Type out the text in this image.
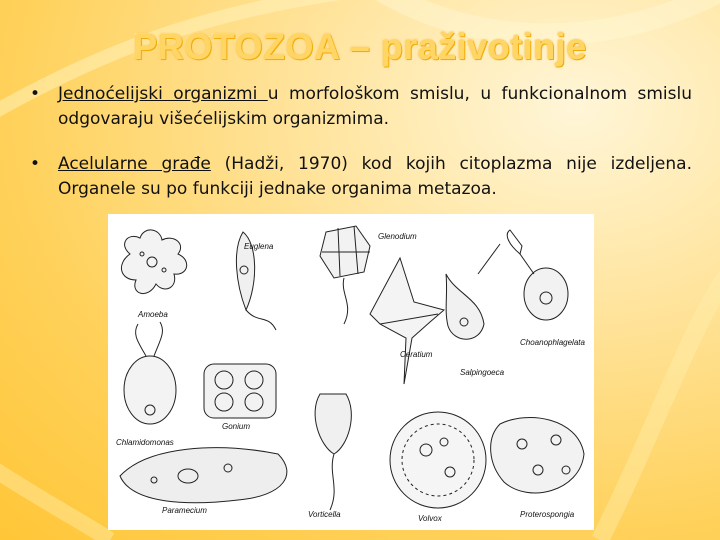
PROTOZOA – praživotinje
• Jednoćelijski organizmi u morfološkom smislu, u funkcionalnom smislu odgovaraju višećelijskim organizmima.
• Acelularne građe (Hadži, 1970) kod kojih citoplazma nije izdeljena. Organele su po funkciji jednake organima metazoa.
Amoeba
Euglena
Glenodium
Choanophlagelata
Ceratium
Salpingoeca
Chlamidomonas
Gonium
Paramecium	Vorticella	Volvox	Proterospongia
